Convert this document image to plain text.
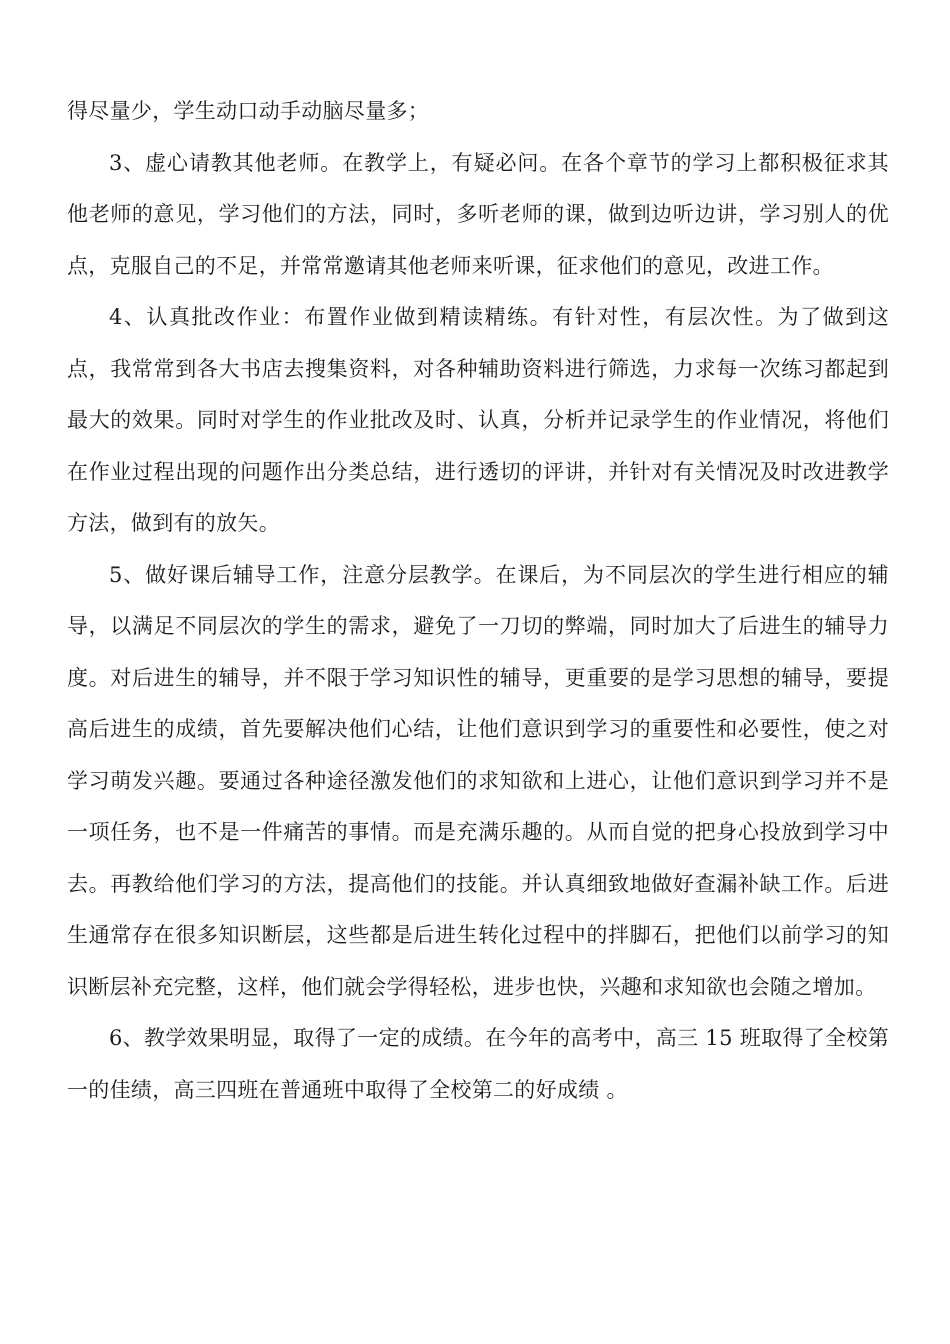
得尽量少，学生动口动手动脑尽量多；

3、虚心请教其他老师。在教学上，有疑必问。在各个章节的学习上都积极征求其他老师的意见，学习他们的方法，同时，多听老师的课，做到边听边讲，学习别人的优点，克服自己的不足，并常常邀请其他老师来听课，征求他们的意见，改进工作。

4、认真批改作业：布置作业做到精读精练。有针对性，有层次性。为了做到这点，我常常到各大书店去搜集资料，对各种辅助资料进行筛选，力求每一次练习都起到最大的效果。同时对学生的作业批改及时、认真，分析并记录学生的作业情况，将他们在作业过程出现的问题作出分类总结，进行透切的评讲，并针对有关情况及时改进教学方法，做到有的放矢。

5、做好课后辅导工作，注意分层教学。在课后，为不同层次的学生进行相应的辅导，以满足不同层次的学生的需求，避免了一刀切的弊端，同时加大了后进生的辅导力度。对后进生的辅导，并不限于学习知识性的辅导，更重要的是学习思想的辅导，要提高后进生的成绩，首先要解决他们心结，让他们意识到学习的重要性和必要性，使之对学习萌发兴趣。要通过各种途径激发他们的求知欲和上进心，让他们意识到学习并不是一项任务，也不是一件痛苦的事情。而是充满乐趣的。从而自觉的把身心投放到学习中去。再教给他们学习的方法，提高他们的技能。并认真细致地做好查漏补缺工作。后进生通常存在很多知识断层，这些都是后进生转化过程中的拌脚石，把他们以前学习的知识断层补充完整，这样，他们就会学得轻松，进步也快，兴趣和求知欲也会随之增加。

6、教学效果明显，取得了一定的成绩。在今年的高考中，高三 15 班取得了全校第一的佳绩，高三四班在普通班中取得了全校第二的好成绩 。
